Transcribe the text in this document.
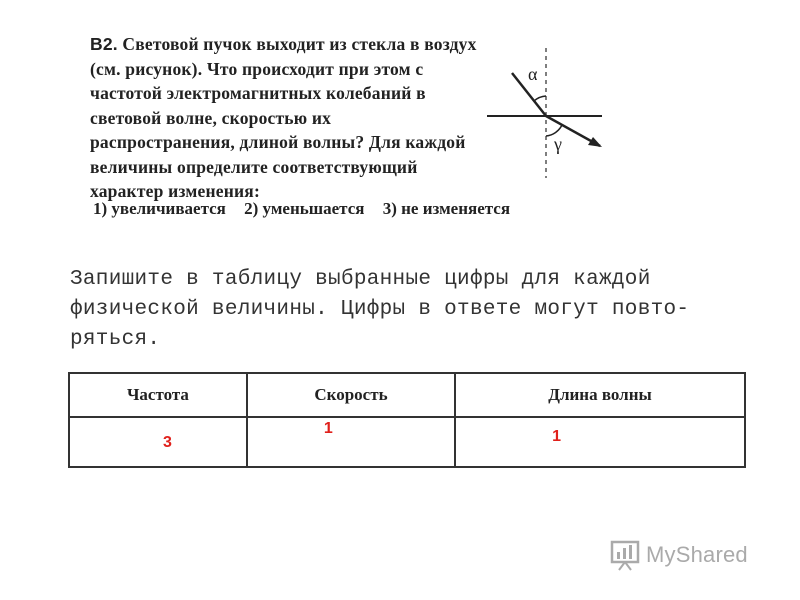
В2. Световой пучок выходит из стекла в воздух (см. рисунок). Что происходит при этом с частотой электромагнитных колебаний в световой волне, скоростью их распространения, длиной волны? Для каждой величины определите соответствующий характер изменения:
α
γ
1) увеличивается 2) уменьшается 3) не изменяется
Запишите в таблицу выбранные цифры для каждой физической величины. Цифры в ответе могут повто-ряться.
Частота	Скорость	Длина волны

3	1	1
MyShared
